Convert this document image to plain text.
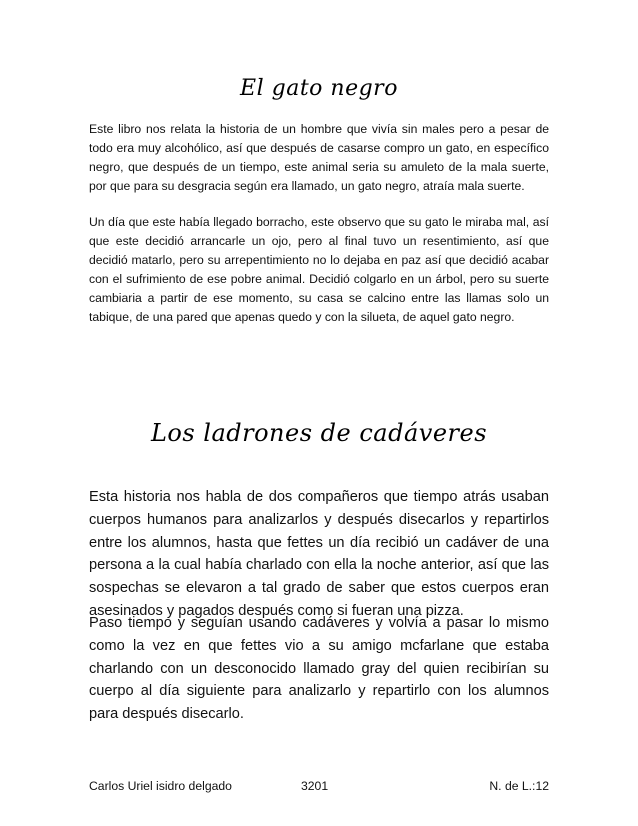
El gato negro

Este libro nos relata la historia de un hombre que vivía sin males pero a pesar de todo era muy alcohólico, así que después de casarse compro un gato, en específico negro, que después de un tiempo, este animal seria su amuleto de la mala suerte, por que para su desgracia según era llamado, un gato negro, atraía mala suerte.

Un día que este había llegado borracho, este observo que su gato le miraba mal, así que este decidió arrancarle un ojo, pero al final tuvo un resentimiento, así que decidió matarlo, pero su arrepentimiento no lo dejaba en paz así que decidió acabar con el sufrimiento de ese pobre animal. Decidió colgarlo en un árbol, pero su suerte cambiaria a partir de ese momento, su casa se calcino entre las llamas solo un tabique, de una pared que apenas quedo y con la silueta, de aquel gato negro.

Los ladrones de cadáveres

Esta historia nos habla de dos compañeros que tiempo atrás usaban cuerpos humanos para analizarlos y después disecarlos y repartirlos entre los alumnos, hasta que fettes un día recibió un cadáver de una persona a la cual había charlado con ella la noche anterior, así que las sospechas se elevaron a tal grado de saber que estos cuerpos eran asesinados y pagados después como si fueran una pizza.

Paso tiempo y seguían usando cadáveres y volvía a pasar lo mismo como la vez en que fettes vio a su amigo mcfarlane que estaba charlando con un desconocido llamado gray del quien recibirían su cuerpo al día siguiente para analizarlo y repartirlo con los alumnos para después disecarlo.

Carlos Uriel isidro delgado	3201	N. de L.:12
